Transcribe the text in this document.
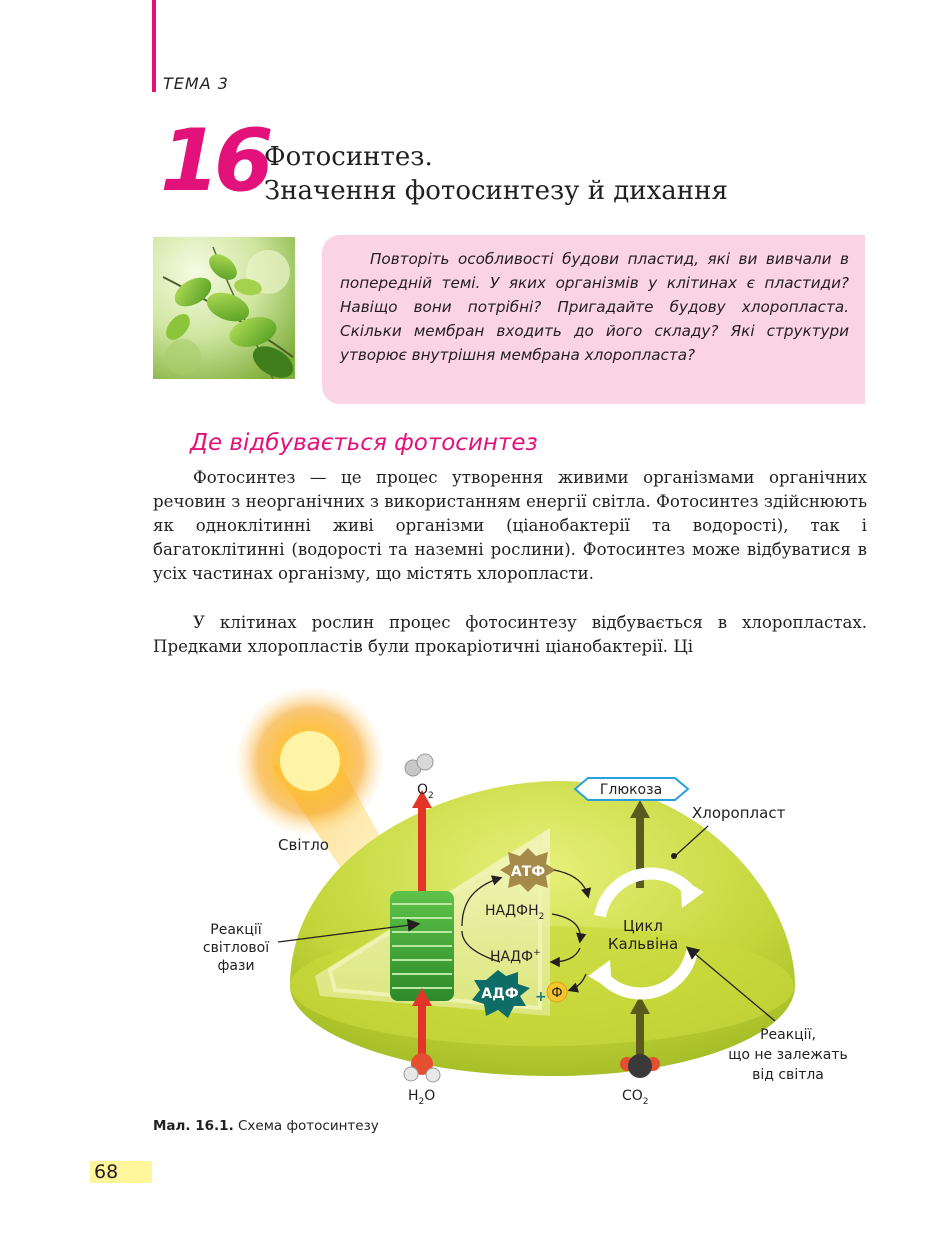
ТЕМА 3
16
Фотосинтез.
Значення фотосинтезу й дихання
Повторіть особливості будови пластид, які ви вивчали в попередній темі. У яких організмів у клітинах є пластиди? Навіщо вони потрібні? Пригадайте будову хлоропласта. Скільки мембран входить до його складу? Які структури утворює внутрішня мембрана хлоропласта?
Де відбувається фотосинтез
Фотосинтез — це процес утворення живими організмами органічних речовин з неорганічних з використанням енергії світла. Фотосинтез здійснюють як одноклітинні живі організми (ціанобактерії та водорості), так і багатоклітинні (водорості та наземні рослини). Фотосинтез може відбуватися в усіх частинах організму, що містять хлоропласти.
У клітинах рослин процес фотосинтезу відбувається в хлоропластах. Предками хлоропластів були прокаріотичні ціанобактерії. Ці
$O_2$
$H_2O$	$CO_2$
Глюкоза
Світло
Хлоропласт
АТФ
$НАДФН_2$
НАДФ+
АДФ + Ф
Цикл
Кальвіна
Реакції
світлової
фази
Реакції,
що не залежать
від світла
Мал. 16.1. Схема фотосинтезу
68
